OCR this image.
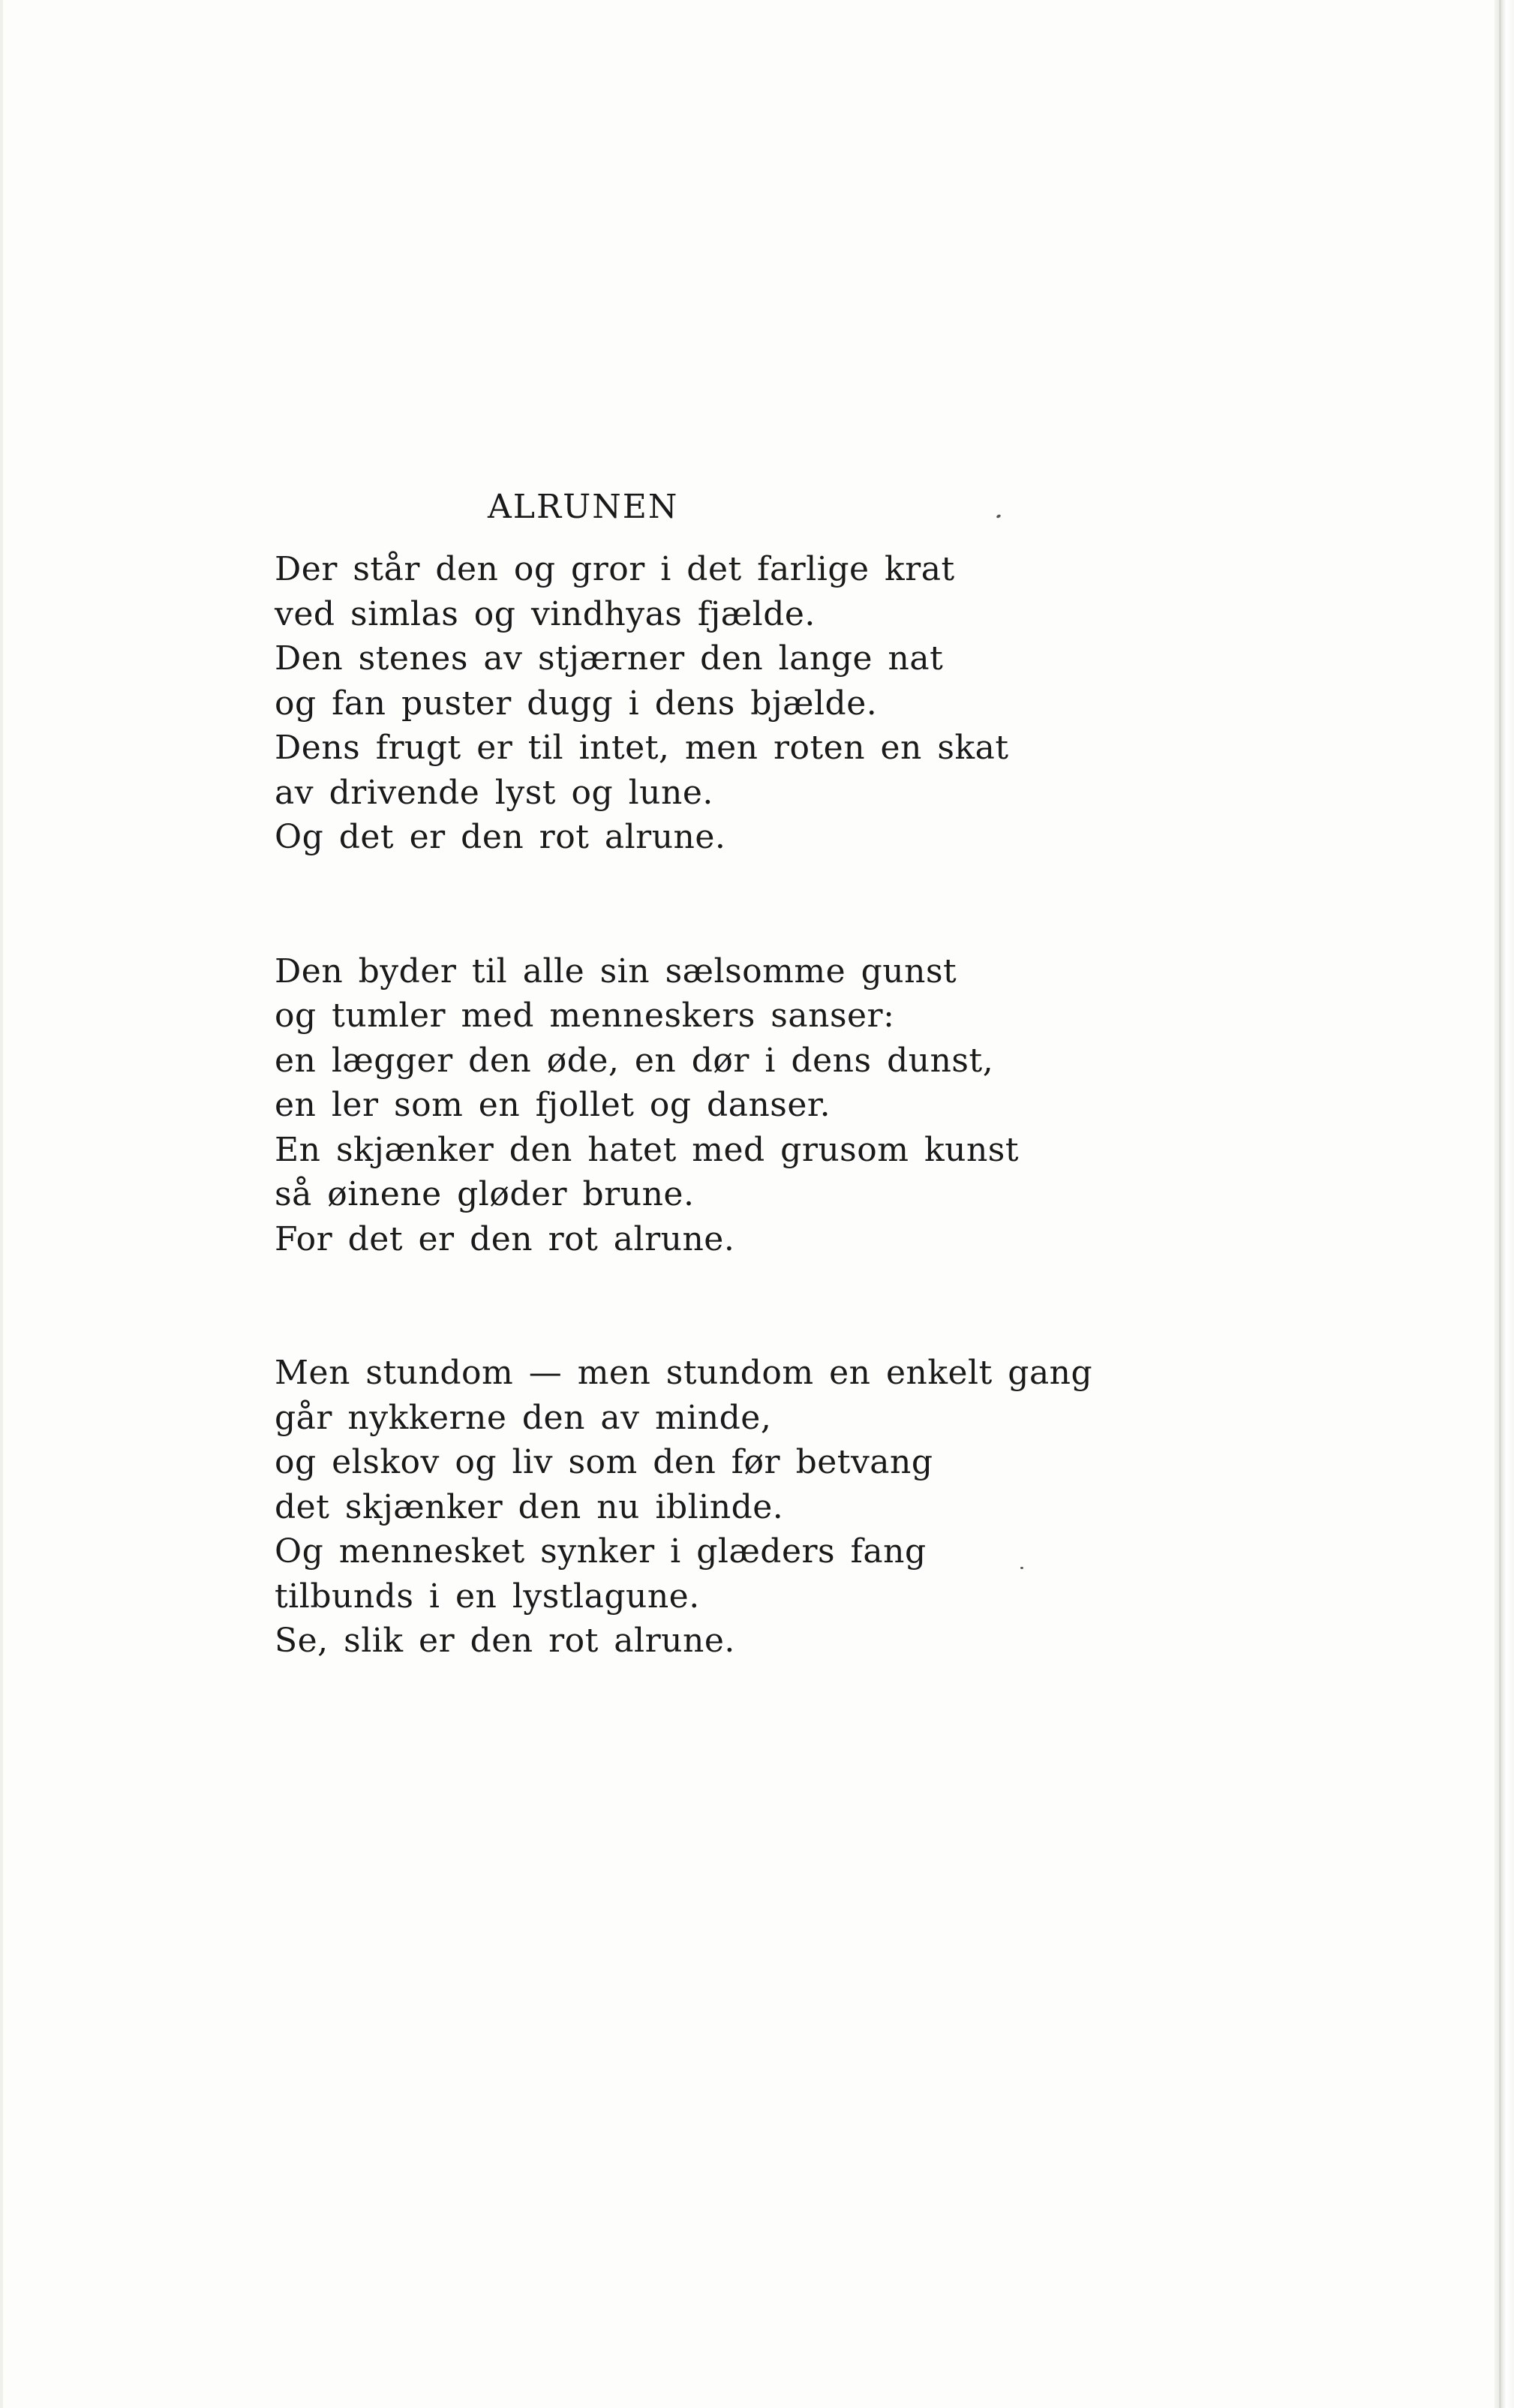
ALRUNEN
Der står den og gror i det farlige krat
ved simlas og vindhyas fjælde.
Den stenes av stjærner den lange nat
og fan puster dugg i dens bjælde.
Dens frugt er til intet, men roten en skat
av drivende lyst og lune.
Og det er den rot alrune.
Den byder til alle sin sælsomme gunst
og tumler med menneskers sanser:
en lægger den øde, en dør i dens dunst,
en ler som en fjollet og danser.
En skjænker den hatet med grusom kunst
så øinene gløder brune.
For det er den rot alrune.
Men stundom — men stundom en enkelt gang
går nykkerne den av minde,
og elskov og liv som den før betvang
det skjænker den nu iblinde.
Og mennesket synker i glæders fang
tilbunds i en lystlagune.
Se, slik er den rot alrune.
